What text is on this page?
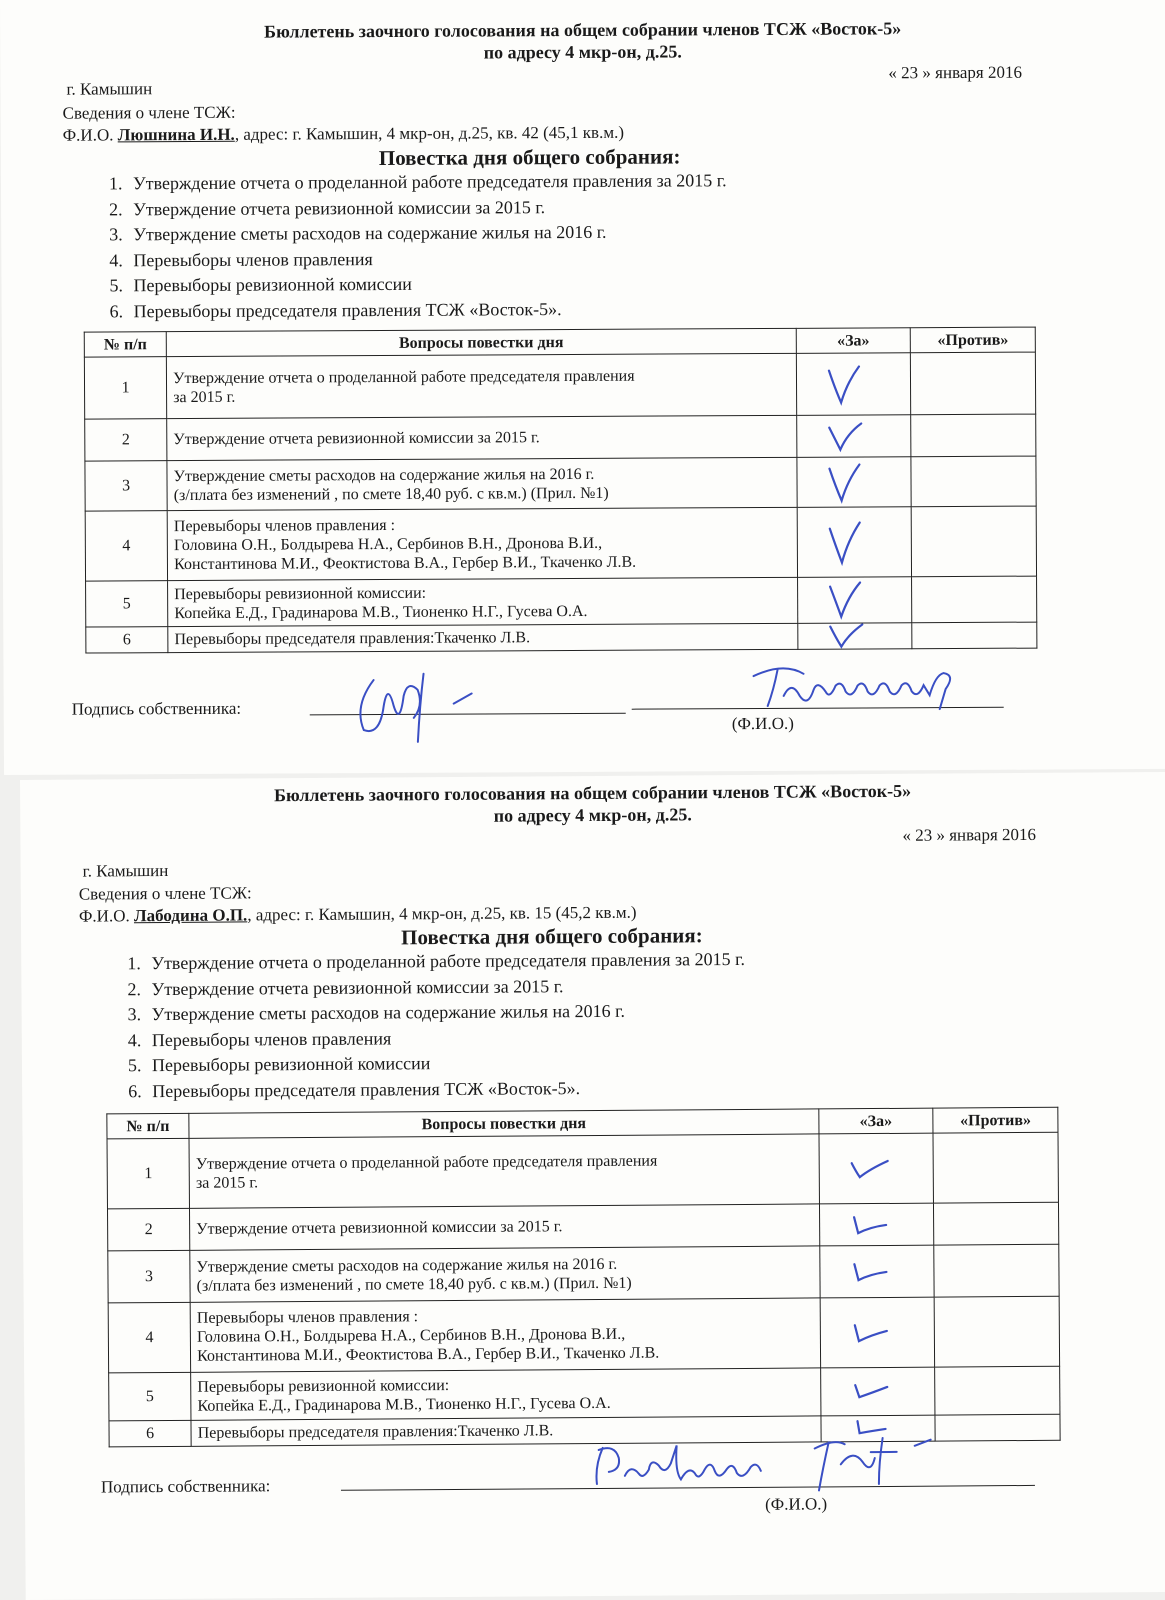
Бюллетень заочного голосования на общем собрании членов ТСЖ «Восток-5»
по адресу 4 мкр-он, д.25.
г. Камышин
« 23 » января 2016
Сведения о члене ТСЖ:
Ф.И.О. Люшнина И.Н., адрес: г. Камышин, 4 мкр-он, д.25, кв. 42 (45,1 кв.м.)
Повестка дня общего собрания:
1. Утверждение отчета о проделанной работе председателя правления за 2015 г.
2. Утверждение отчета ревизионной комиссии за 2015 г.
3. Утверждение сметы расходов на содержание жилья на 2016 г.
4. Перевыборы членов правления
5. Перевыборы ревизионной комиссии
6. Перевыборы председателя правления ТСЖ «Восток-5».
№ п/п	Вопросы повестки дня	«За»	«Против»
1	Утверждение отчета о проделанной работе председателя правления
за 2015 г.

2	Утверждение отчета ревизионной комиссии за 2015 г.

3	Утверждение сметы расходов на содержание жилья на 2016 г.
(з/плата без изменений , по смете 18,40 руб. с кв.м.) (Прил. №1)

4	Перевыборы членов правления :
Головина О.Н., Болдырева Н.А., Сербинов В.Н., Дронова В.И.,
Константинова М.И., Феоктистова В.А., Гербер В.И., Ткаченко Л.В.

5	Перевыборы ревизионной комиссии:
Копейка Е.Д., Градинарова М.В., Тионенко Н.Г., Гусева О.А.

6	Перевыборы председателя правления:Ткаченко Л.В.

Подпись собственника:
(Ф.И.О.)
Бюллетень заочного голосования на общем собрании членов ТСЖ «Восток-5»
по адресу 4 мкр-он, д.25.
« 23 » января 2016
г. Камышин
Сведения о члене ТСЖ:
Ф.И.О. Лабодина О.П., адрес: г. Камышин, 4 мкр-он, д.25, кв. 15 (45,2 кв.м.)
Повестка дня общего собрания:
1. Утверждение отчета о проделанной работе председателя правления за 2015 г.
2. Утверждение отчета ревизионной комиссии за 2015 г.
3. Утверждение сметы расходов на содержание жилья на 2016 г.
4. Перевыборы членов правления
5. Перевыборы ревизионной комиссии
6. Перевыборы председателя правления ТСЖ «Восток-5».
№ п/п	Вопросы повестки дня	«За»	«Против»
1	Утверждение отчета о проделанной работе председателя правления
за 2015 г.

2	Утверждение отчета ревизионной комиссии за 2015 г.

3	Утверждение сметы расходов на содержание жилья на 2016 г.
(з/плата без изменений , по смете 18,40 руб. с кв.м.) (Прил. №1)

4	Перевыборы членов правления :
Головина О.Н., Болдырева Н.А., Сербинов В.Н., Дронова В.И.,
Константинова М.И., Феоктистова В.А., Гербер В.И., Ткаченко Л.В.

5	Перевыборы ревизионной комиссии:
Копейка Е.Д., Градинарова М.В., Тионенко Н.Г., Гусева О.А.

6	Перевыборы председателя правления:Ткаченко Л.В.

Подпись собственника:
(Ф.И.О.)
